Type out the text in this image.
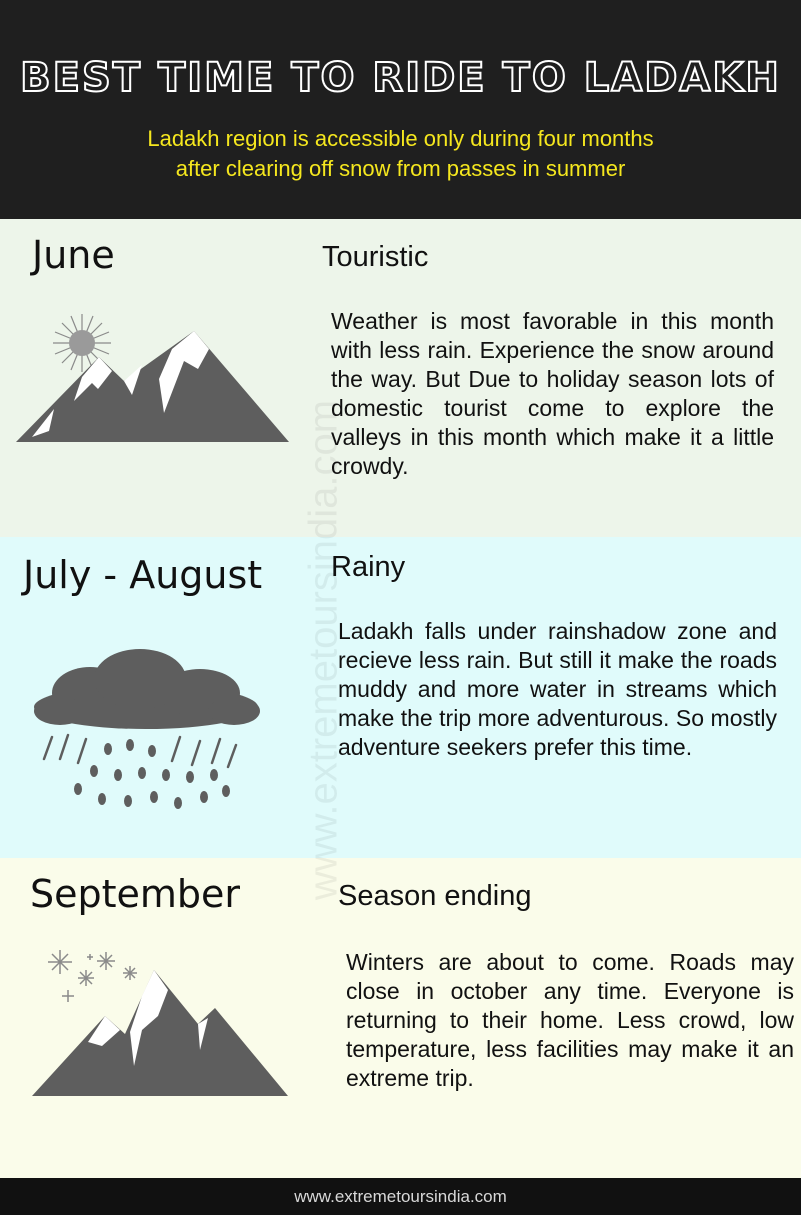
BEST TIME TO RIDE TO LADAKH
Ladakh region is accessible only during four months
after clearing off snow from passes in summer
June	Touristic
Weather is most favorable in this month with less rain. Experience the snow around the way. But Due to holiday season lots of domestic tourist come to explore the valleys in this month which make it a little crowdy.
July - August Rainy
Ladakh falls under rainshadow zone and recieve less rain. But still it make the roads muddy and more water in streams which make the trip more adventurous. So mostly adventure seekers prefer this time.
September	Season ending
Winters are about to come. Roads may close in october any time. Everyone is returning to their home. Less crowd, low temperature, less facilities may make it an extreme trip.
www.extremetoursindia.com
www.extremetoursindia.com
